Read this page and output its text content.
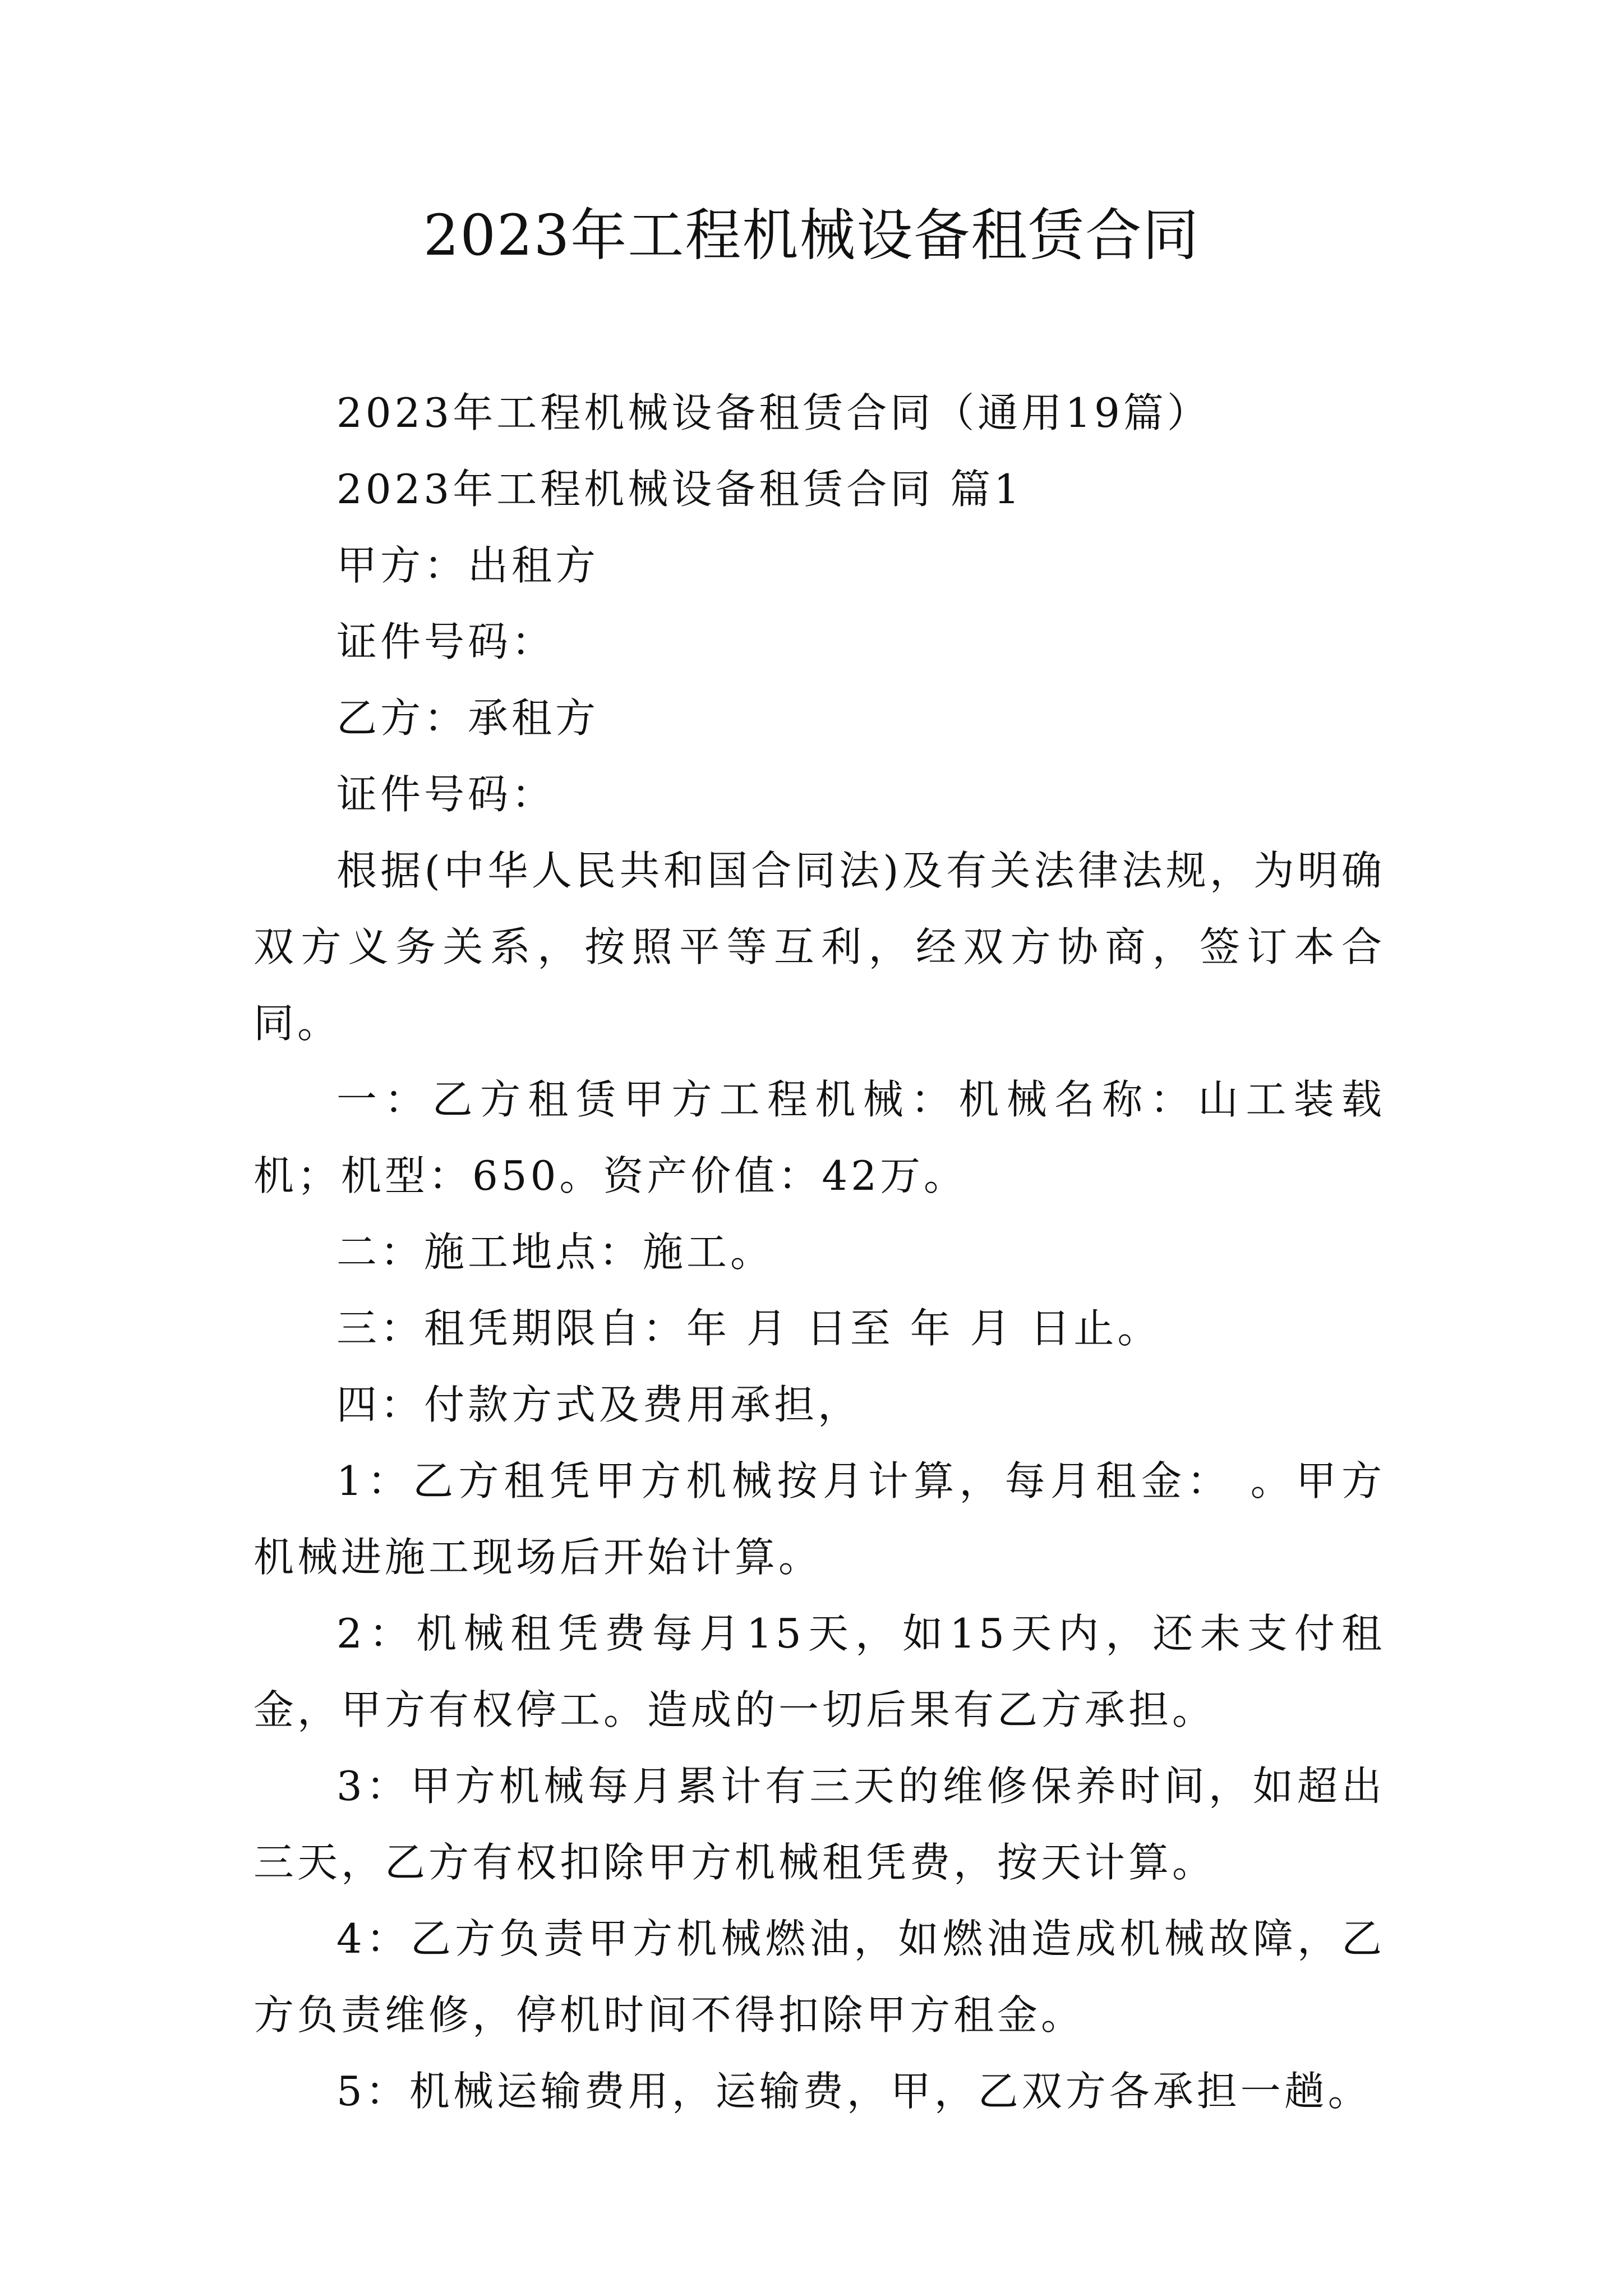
2023年工程机械设备租赁合同

2023年工程机械设备租赁合同（通用19篇）

2023年工程机械设备租赁合同 篇1

甲方：出租方

证件号码：

乙方：承租方

证件号码：

根据(中华人民共和国合同法)及有关法律法规，为明确双方义务关系，按照平等互利，经双方协商，签订本合同。

一：乙方租赁甲方工程机械：机械名称：山工装载机；机型：650。资产价值：42万。

二：施工地点：施工。

三：租凭期限自：年 月 日至 年 月 日止。

四：付款方式及费用承担，

1：乙方租凭甲方机械按月计算，每月租金： 。甲方机械进施工现场后开始计算。

2：机械租凭费每月15天，如15天内，还未支付租金，甲方有权停工。造成的一切后果有乙方承担。

3：甲方机械每月累计有三天的维修保养时间，如超出三天，乙方有权扣除甲方机械租凭费，按天计算。

4：乙方负责甲方机械燃油，如燃油造成机械故障，乙方负责维修，停机时间不得扣除甲方租金。

5：机械运输费用，运输费，甲，乙双方各承担一趟。
